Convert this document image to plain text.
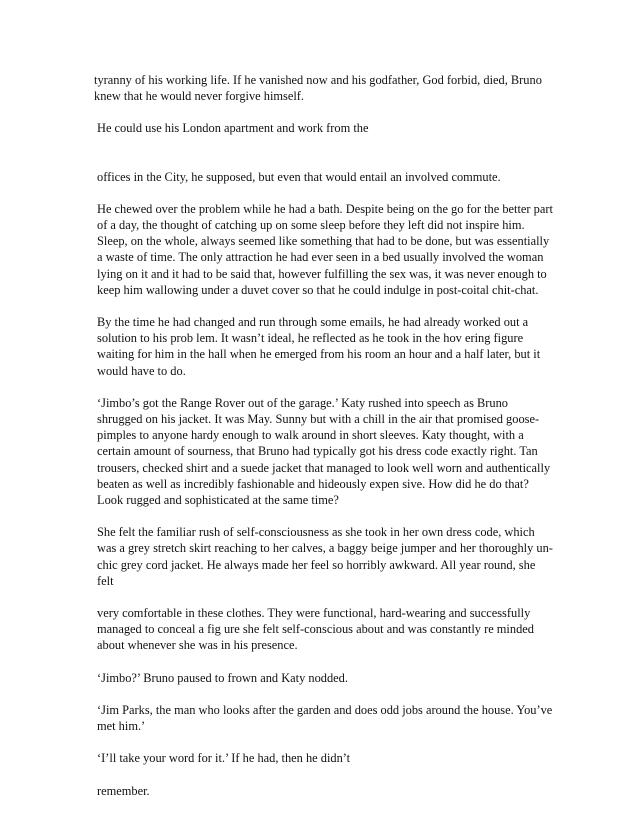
tyranny of his working life. If he vanished now and his godfather, God forbid, died, Bruno knew that he would never forgive himself.

He could use his London apartment and work from the

offices in the City, he supposed, but even that would entail an involved commute.

He chewed over the problem while he had a bath. Despite being on the go for the better part of a day, the thought of catching up on some sleep before they left did not inspire him. Sleep, on the whole, always seemed like something that had to be done, but was essentially a waste of time. The only attraction he had ever seen in a bed usually involved the woman lying on it and it had to be said that, however fulfilling the sex was, it was never enough to keep him wallowing under a duvet cover so that he could indulge in post-coital chit-chat.

By the time he had changed and run through some emails, he had already worked out a solution to his prob lem. It wasn’t ideal, he reflected as he took in the hov ering figure waiting for him in the hall when he emerged from his room an hour and a half later, but it would have to do.

‘Jimbo’s got the Range Rover out of the garage.’ Katy rushed into speech as Bruno shrugged on his jacket. It was May. Sunny but with a chill in the air that promised goose-pimples to anyone hardy enough to walk around in short sleeves. Katy thought, with a certain amount of sourness, that Bruno had typically got his dress code exactly right. Tan trousers, checked shirt and a suede jacket that managed to look well worn and authentically beaten as well as incredibly fashionable and hideously expen sive. How did he do that? Look rugged and sophisticated at the same time?

She felt the familiar rush of self-consciousness as she took in her own dress code, which was a grey stretch skirt reaching to her calves, a baggy beige jumper and her thoroughly un-chic grey cord jacket. He always made her feel so horribly awkward. All year round, she felt

very comfortable in these clothes. They were functional, hard-wearing and successfully managed to conceal a fig ure she felt self-conscious about and was constantly re minded about whenever she was in his presence.

‘Jimbo?’ Bruno paused to frown and Katy nodded.

‘Jim Parks, the man who looks after the garden and does odd jobs around the house. You’ve met him.’

‘I’ll take your word for it.’ If he had, then he didn’t

remember.
